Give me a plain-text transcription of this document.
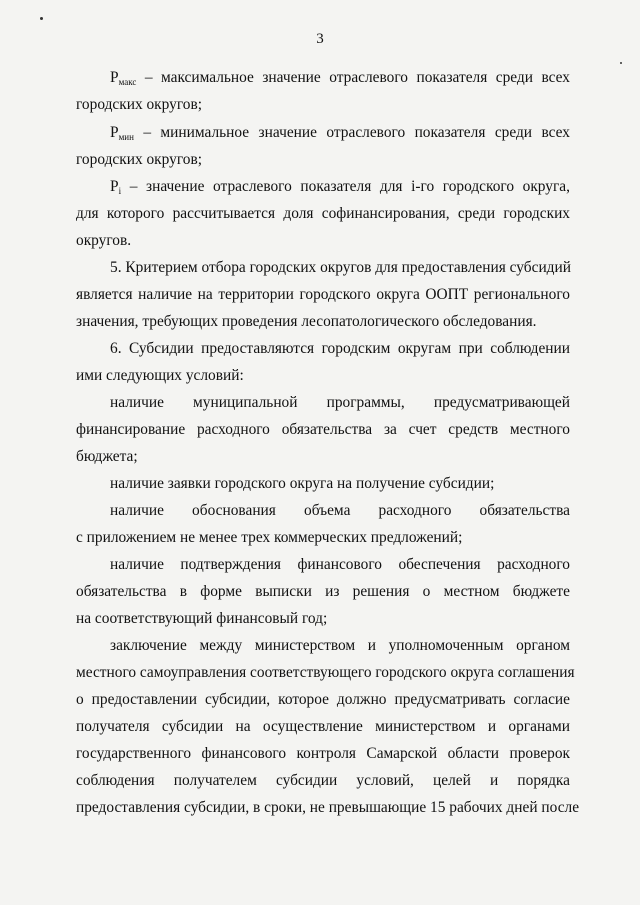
3
$P_{макс}$ – максимальное значение отраслевого показателя среди всех
городских округов;
$P_{мин}$ – минимальное значение отраслевого показателя среди всех
городских округов;
$P_i$ – значение отраслевого показателя для i-го городского округа,
для которого рассчитывается доля софинансирования, среди городских
округов.
5. Критерием отбора городских округов для предоставления субсидий
является наличие на территории городского округа ООПТ регионального
значения, требующих проведения лесопатологического обследования.
6. Субсидии предоставляются городским округам при соблюдении
ими следующих условий:
наличие муниципальной программы, предусматривающей
финансирование расходного обязательства за счет средств местного
бюджета;
наличие заявки городского округа на получение субсидии;
наличие обоснования объема расходного обязательства
с приложением не менее трех коммерческих предложений;
наличие подтверждения финансового обеспечения расходного
обязательства в форме выписки из решения о местном бюджете
на соответствующий финансовый год;
заключение между министерством и уполномоченным органом
местного самоуправления соответствующего городского округа соглашения
о предоставлении субсидии, которое должно предусматривать согласие
получателя субсидии на осуществление министерством и органами
государственного финансового контроля Самарской области проверок
соблюдения получателем субсидии условий, целей и порядка
предоставления субсидии, в сроки, не превышающие 15 рабочих дней после
